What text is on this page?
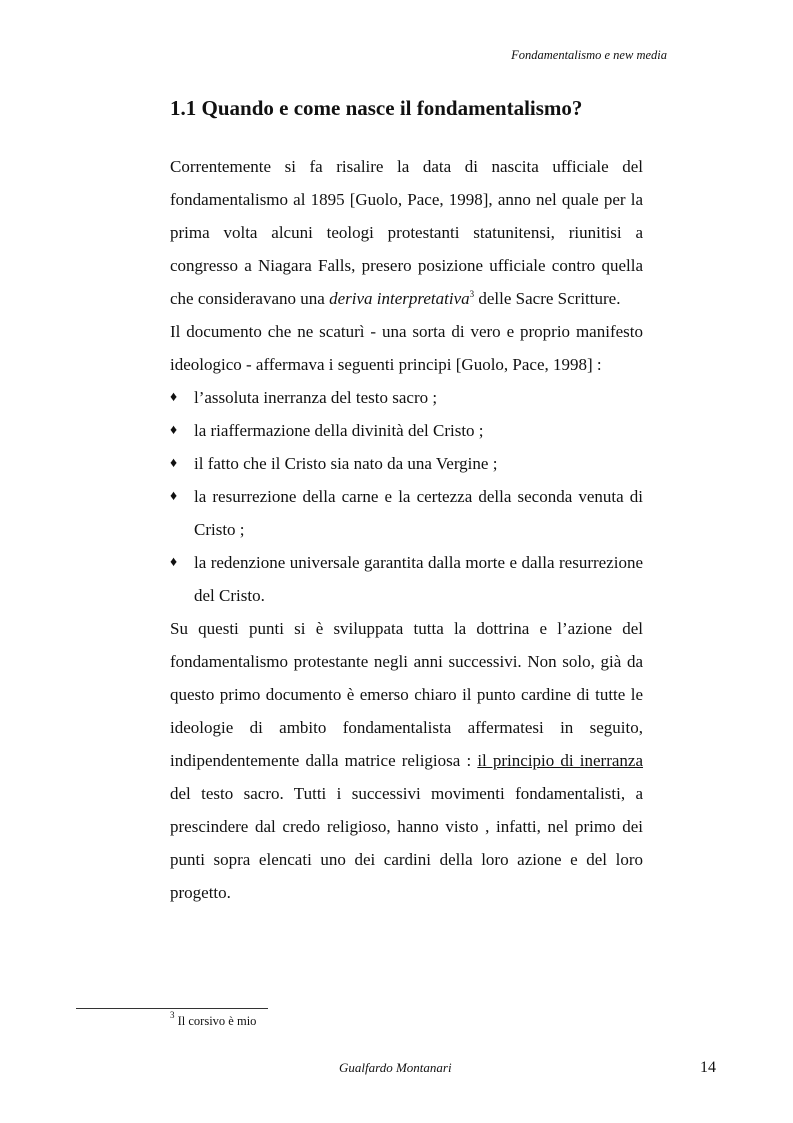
Fondamentalismo e new media
1.1 Quando e come nasce il fondamentalismo?

Correntemente si fa risalire la data di nascita ufficiale del fondamentalismo al 1895 [Guolo, Pace, 1998], anno nel quale per la prima volta alcuni teologi protestanti statunitensi, riunitisi a congresso a Niagara Falls, presero posizione ufficiale contro quella che consideravano una deriva interpretativa$^3$ delle Sacre Scritture.

Il documento che ne scaturì - una sorta di vero e proprio manifesto ideologico - affermava i seguenti principi [Guolo, Pace, 1998] :

♦ l’assoluta inerranza del testo sacro ;
♦ la riaffermazione della divinità del Cristo ;
♦ il fatto che il Cristo sia nato da una Vergine ;
♦ la resurrezione della carne e la certezza della seconda venuta di Cristo ;
♦ la redenzione universale garantita dalla morte e dalla resurrezione del Cristo.

Su questi punti si è sviluppata tutta la dottrina e l’azione del fondamentalismo protestante negli anni successivi. Non solo, già da questo primo documento è emerso chiaro il punto cardine di tutte le ideologie di ambito fondamentalista affermatesi in seguito, indipendentemente dalla matrice religiosa : il principio di inerranza del testo sacro. Tutti i successivi movimenti fondamentalisti, a prescindere dal credo religioso, hanno visto , infatti, nel primo dei punti sopra elencati uno dei cardini della loro azione e del loro progetto.

$^3$ Il corsivo è mio
Gualfardo Montanari	14
